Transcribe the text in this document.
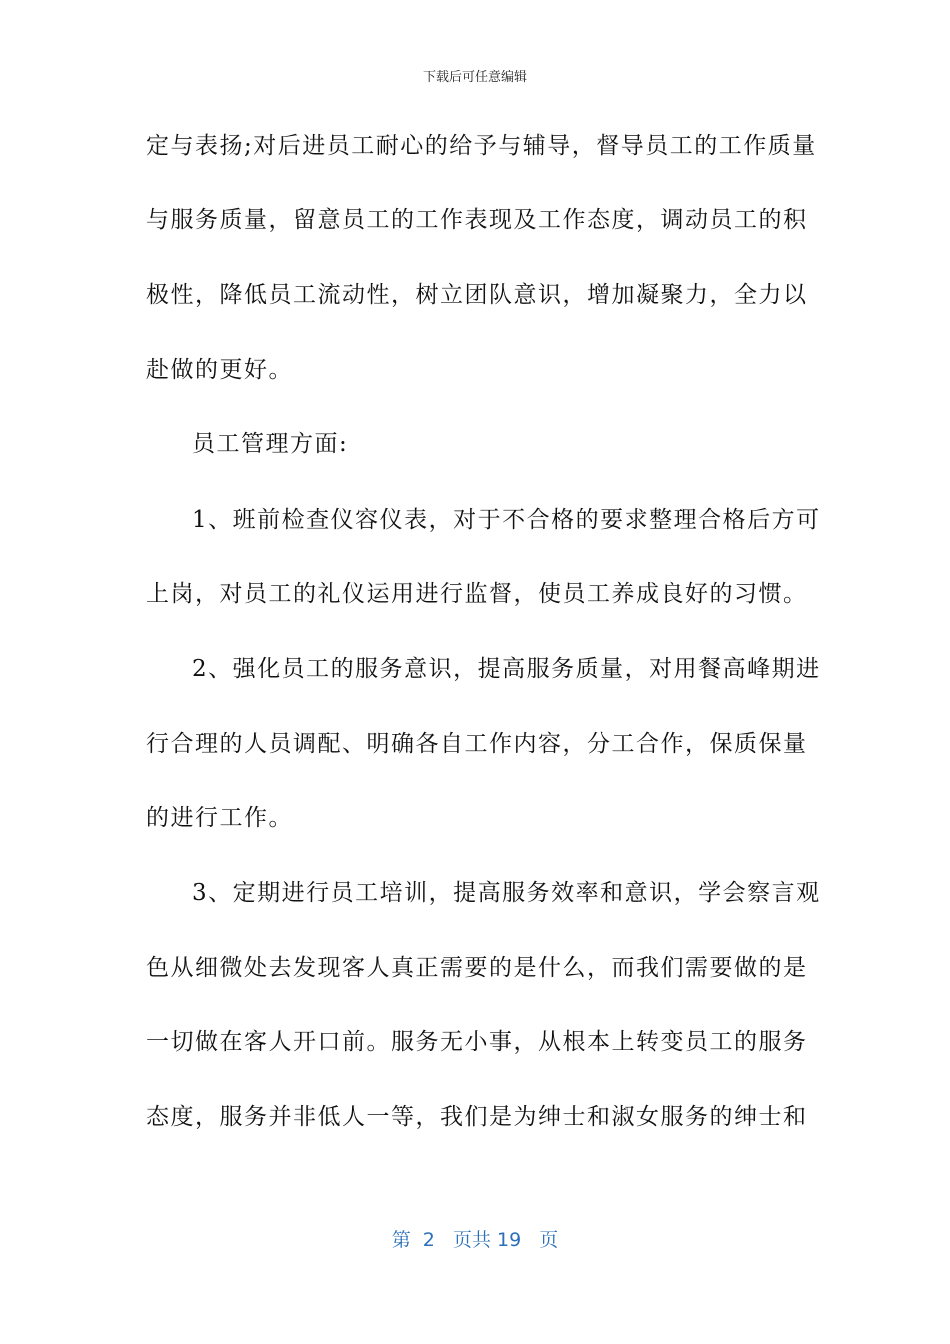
下载后可任意编辑
定与表扬;对后进员工耐心的给予与辅导，督导员工的工作质量
与服务质量，留意员工的工作表现及工作态度，调动员工的积
极性，降低员工流动性，树立团队意识，增加凝聚力，全力以
赴做的更好。
员工管理方面:
1、班前检查仪容仪表，对于不合格的要求整理合格后方可
上岗，对员工的礼仪运用进行监督，使员工养成良好的习惯。
2、强化员工的服务意识，提高服务质量，对用餐高峰期进
行合理的人员调配、明确各自工作内容，分工合作，保质保量
的进行工作。
3、定期进行员工培训，提高服务效率和意识，学会察言观
色从细微处去发现客人真正需要的是什么，而我们需要做的是
一切做在客人开口前。服务无小事，从根本上转变员工的服务
态度，服务并非低人一等，我们是为绅士和淑女服务的绅士和
第  2   页共 19   页
